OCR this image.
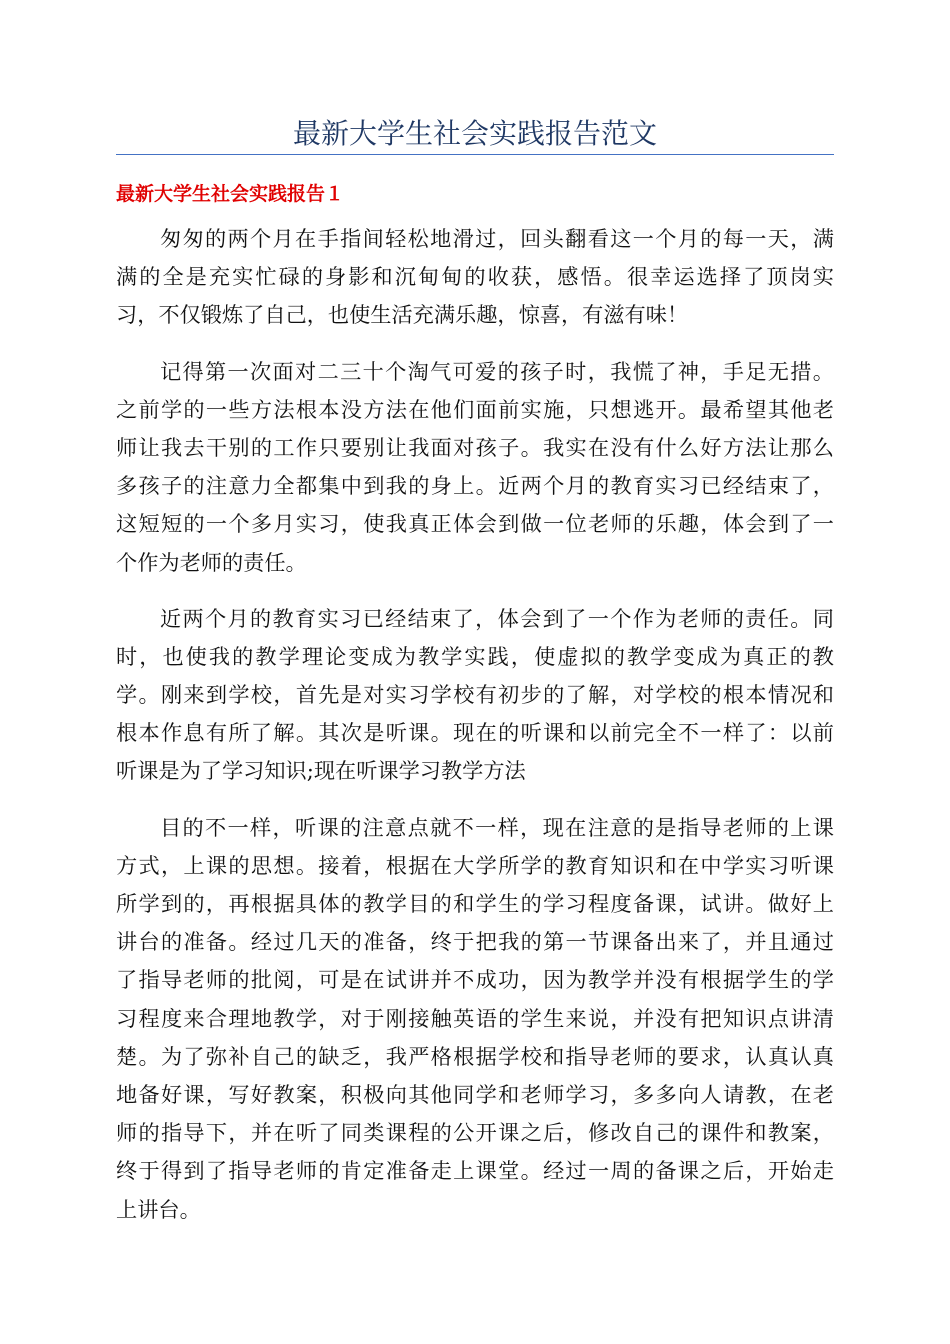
最新大学生社会实践报告范文
最新大学生社会实践报告１

匆匆的两个月在手指间轻松地滑过，回头翻看这一个月的每一天，满
满的全是充实忙碌的身影和沉甸甸的收获，感悟。很幸运选择了顶岗实
习，不仅锻炼了自己，也使生活充满乐趣，惊喜，有滋有味！

记得第一次面对二三十个淘气可爱的孩子时，我慌了神，手足无措。
之前学的一些方法根本没方法在他们面前实施，只想逃开。最希望其他老
师让我去干别的工作只要别让我面对孩子。我实在没有什么好方法让那么
多孩子的注意力全都集中到我的身上。近两个月的教育实习已经结束了，
这短短的一个多月实习，使我真正体会到做一位老师的乐趣，体会到了一
个作为老师的责任。

近两个月的教育实习已经结束了，体会到了一个作为老师的责任。同
时，也使我的教学理论变成为教学实践，使虚拟的教学变成为真正的教
学。刚来到学校，首先是对实习学校有初步的了解，对学校的根本情况和
根本作息有所了解。其次是听课。现在的听课和以前完全不一样了：以前
听课是为了学习知识;现在听课学习教学方法

目的不一样，听课的注意点就不一样，现在注意的是指导老师的上课
方式，上课的思想。接着，根据在大学所学的教育知识和在中学实习听课
所学到的，再根据具体的教学目的和学生的学习程度备课，试讲。做好上
讲台的准备。经过几天的准备，终于把我的第一节课备出来了，并且通过
了指导老师的批阅，可是在试讲并不成功，因为教学并没有根据学生的学
习程度来合理地教学，对于刚接触英语的学生来说，并没有把知识点讲清
楚。为了弥补自己的缺乏，我严格根据学校和指导老师的要求，认真认真
地备好课，写好教案，积极向其他同学和老师学习，多多向人请教，在老
师的指导下，并在听了同类课程的公开课之后，修改自己的课件和教案，
终于得到了指导老师的肯定准备走上课堂。经过一周的备课之后，开始走
上讲台。
